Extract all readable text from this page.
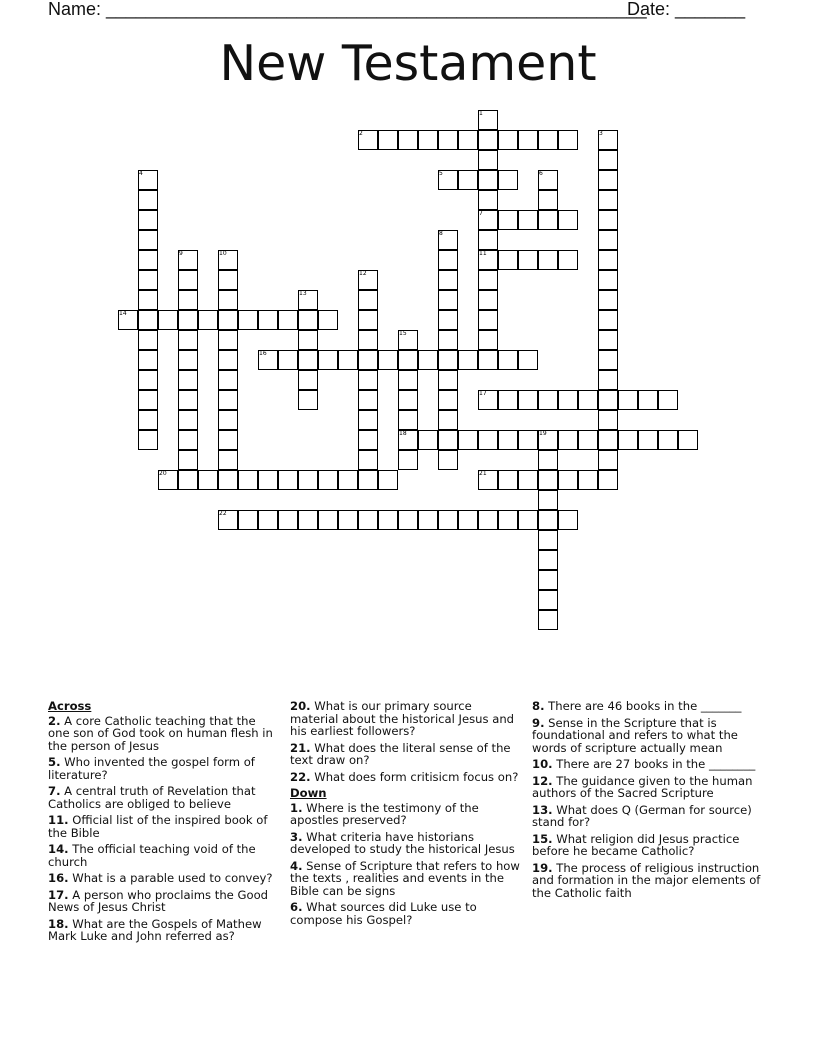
Name: ______________________________________________________
Date: _______
New Testament
1
2	3
4	5	6
7
8
9	10	11
12
13
14
15
16
17
18	19
20	21
22
Across
2. A core Catholic teaching that the one son of God took on human flesh in the person of Jesus
5. Who invented the gospel form of literature?
7. A central truth of Revelation that Catholics are obliged to believe
11. Official list of the inspired book of the Bible
14. The official teaching void of the church
16. What is a parable used to convey?
17. A person who proclaims the Good News of Jesus Christ
18. What are the Gospels of Mathew Mark Luke and John referred as?
20. What is our primary source material about the historical Jesus and his earliest followers?
21. What does the literal sense of the text draw on?
22. What does form critisicm focus on?
Down
1. Where is the testimony of the apostles preserved?
3. What criteria have historians developed to study the historical Jesus
4. Sense of Scripture that refers to how the texts , realities and events in the Bible can be signs
6. What sources did Luke use to compose his Gospel?
8. There are 46 books in the _______
9. Sense in the Scripture that is foundational and refers to what the words of scripture actually mean
10. There are 27 books in the ________
12. The guidance given to the human authors of the Sacred Scripture
13. What does Q (German for source) stand for?
15. What religion did Jesus practice before he became Catholic?
19. The process of religious instruction and formation in the major elements of the Catholic faith
